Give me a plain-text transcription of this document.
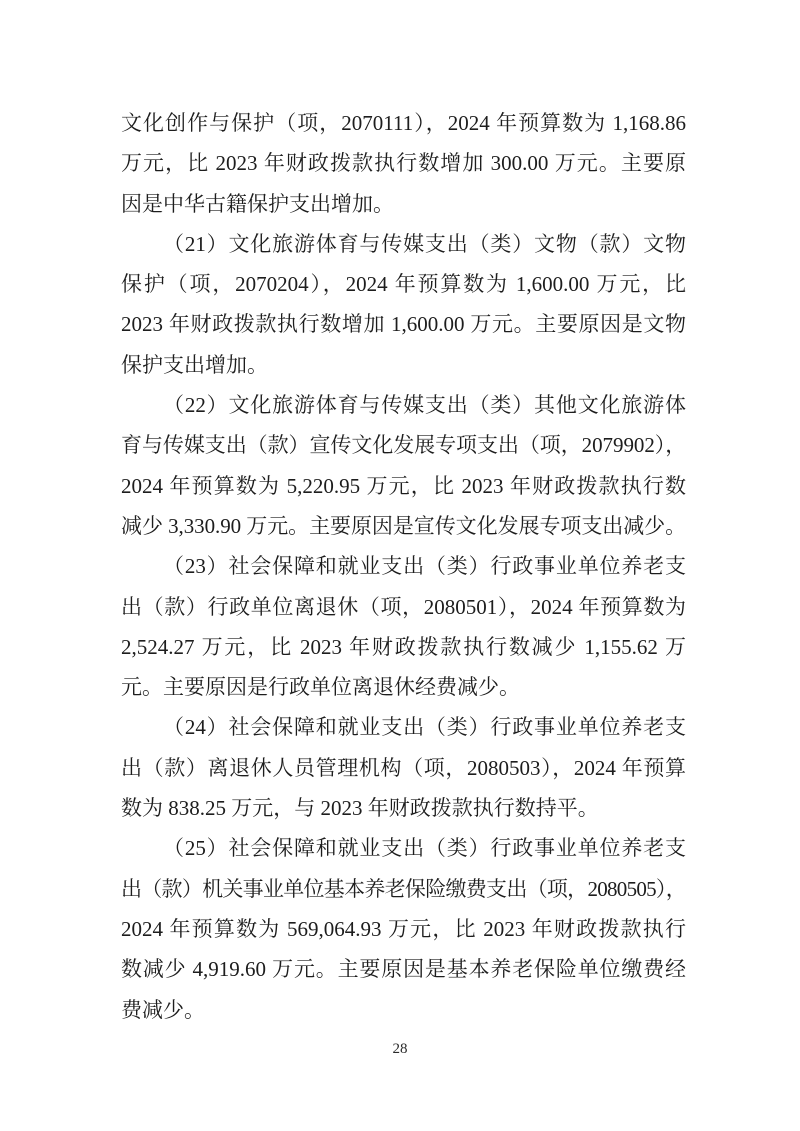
文化创作与保护（项，2070111），2024 年预算数为 1,168.86
万元，比 2023 年财政拨款执行数增加 300.00 万元。主要原
因是中华古籍保护支出增加。
（21）文化旅游体育与传媒支出（类）文物（款）文物
保护（项，2070204），2024 年预算数为 1,600.00 万元，比
2023 年财政拨款执行数增加 1,600.00 万元。主要原因是文物
保护支出增加。
（22）文化旅游体育与传媒支出（类）其他文化旅游体
育与传媒支出（款）宣传文化发展专项支出（项，2079902），
2024 年预算数为 5,220.95 万元，比 2023 年财政拨款执行数
减少 3,330.90 万元。主要原因是宣传文化发展专项支出减少。
（23）社会保障和就业支出（类）行政事业单位养老支
出（款）行政单位离退休（项，2080501），2024 年预算数为
2,524.27 万元，比 2023 年财政拨款执行数减少 1,155.62 万
元。主要原因是行政单位离退休经费减少。
（24）社会保障和就业支出（类）行政事业单位养老支
出（款）离退休人员管理机构（项，2080503），2024 年预算
数为 838.25 万元，与 2023 年财政拨款执行数持平。
（25）社会保障和就业支出（类）行政事业单位养老支
出（款）机关事业单位基本养老保险缴费支出（项，2080505），
2024 年预算数为 569,064.93 万元，比 2023 年财政拨款执行
数减少 4,919.60 万元。主要原因是基本养老保险单位缴费经
费减少。
28
